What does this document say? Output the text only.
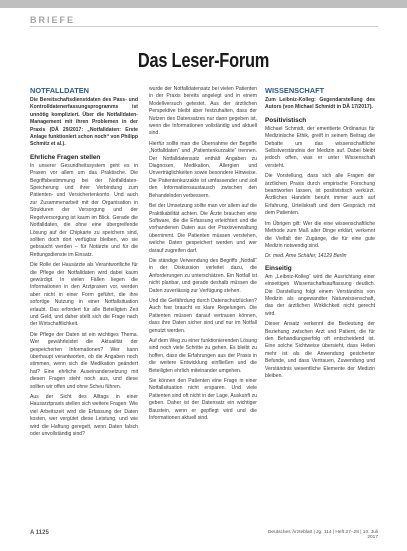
BRIEFE
Das Leser-Forum
NOTFALLDATEN

Die Bereitschaftsdienstdaten des Pass- und Kontrolldatenerfassungsprogramms ist unnötig kompliziert. Über die Notfalldaten-Management mit ihren Problemen in der Praxis (DÄ 29/2017: „Notfalldaten: Erste Anlage funktioniert schon noch“ von Philipp Schmitz et al.).

Ehrliche Fragen stellen

In unserer Gesundheitssystem geht es in Praxen vor allem um das Praktische. Die Begriffsbestimmung bei der Notfalldaten-Speicherung und ihrer Verbindung zum Patienten- und Versichertenkonto. Und auch zur Zusammenarbeit mit der Organisation in Strukturen der Versorgung und der Regelversorgung ist kaum im Blick. Gerade die Notfalldaten, die ohne eine übergreifende Lösung auf der Chipkarte zu speichern sind, sollten doch dort verfügbar bleiben, wo sie gebraucht werden – für Notärzte und für die Rettungsdienste im Einsatz.

Die Rolle der Hausärzte als Verantwortliche für die Pflege der Notfalldaten wird dabei kaum gewürdigt. In vielen Fällen liegen die Informationen in den Arztpraxen vor, werden aber nicht in einer Form geführt, die ihre sofortige Nutzung in einer Notfallsituation erlaubt. Das erfordert für alle Beteiligten Zeit und Geld, und daher stellt sich die Frage nach der Wirtschaftlichkeit.

Die Pflege der Daten ist ein wichtiges Thema. Wer gewährleistet die Aktualität der gespeicherten Informationen? Wer kann überhaupt verantworten, ob die Angaben noch stimmen, wenn sich die Medikation geändert hat? Eine ehrliche Auseinandersetzung mit diesen Fragen steht noch aus, und diese sollten wir offen und ohne Scheu führen.

Aus der Sicht des Alltags in einer Hausarztpraxis stellen sich weitere Fragen: Wie viel Arbeitszeit wird die Erfassung der Daten kosten, wer vergütet diese Leistung, und wie wird die Haftung geregelt, wenn Daten falsch oder unvollständig sind?

wurde der Notfalldatensatz bei vielen Patienten in der Praxis bereits angelegt und in einem Modellversuch getestet. Aus der ärztlichen Perspektive bleibt aber festzuhalten, dass der Nutzen des Datensatzes nur dann gegeben ist, wenn die Informationen vollständig und aktuell sind.

Hierfür sollte man die Übernahme der Begriffe „Notfalldaten“ und „Patientenkurzakte“ trennen. Der Notfalldatensatz enthält Angaben zu Diagnosen, Medikation, Allergien und Unverträglichkeiten sowie besondere Hinweise. Die Patientenkurzakte ist umfassender und soll den Informationsaustausch zwischen den Behandelnden verbessern.

Bei der Umsetzung sollte man vor allem auf die Praktikabilität achten. Die Ärzte brauchen eine Software, die die Erfassung erleichtert und die vorhandenen Daten aus der Praxisverwaltung übernimmt. Die Patienten müssen verstehen, welche Daten gespeichert werden und wer darauf zugreifen darf.

Die ständige Verwendung des Begriffs „Notfall“ in der Diskussion verleitet dazu, die Anforderungen zu unterschätzen. Ein Notfall ist nicht planbar, und gerade deshalb müssen die Daten zuverlässig zur Verfügung stehen.

Und die Gefährdung durch Datenschutzlücken? Auch hier braucht es klare Regelungen. Die Patienten müssen darauf vertrauen können, dass ihre Daten sicher sind und nur im Notfall genutzt werden.

Auf dem Weg zu einer funktionierenden Lösung sind noch viele Schritte zu gehen. Es bleibt zu hoffen, dass die Erfahrungen aus der Praxis in die weitere Entwicklung einfließen und die Beteiligten ehrlich miteinander umgehen.

Sie können den Patienten eine Frage in einer Notfallsituation nicht ersparen. Und viele Patienten sind oft nicht in der Lage, Auskunft zu geben. Daher ist der Datensatz ein wichtiger Baustein, wenn er gepflegt wird und die Informationen aktuell sind.

WISSENSCHAFT

Zum Leibniz-Kolleg: Gegendarstellung des Autors (von Michael Schmidt in DÄ 17/2017).

Positivistisch

Michael Schmidt, der emeritierte Ordinarius für Medizinische Ethik, greift in seinem Beitrag die Debatte um das wissenschaftliche Selbstverständnis der Medizin auf. Dabei bleibt jedoch offen, was er unter Wissenschaft versteht.

Die Vorstellung, dass sich alle Fragen der ärztlichen Praxis durch empirische Forschung beantworten lassen, ist positivistisch verkürzt. Ärztliches Handeln beruht immer auch auf Erfahrung, Urteilskraft und dem Gespräch mit dem Patienten.

Im Übrigen gilt: Wer die eine wissenschaftliche Methode zum Maß aller Dinge erklärt, verkennt die Vielfalt der Zugänge, die für eine gute Medizin notwendig sind.

Dr. med. Arne Schäfer, 14129 Berlin

Einseitig

Am „Leibniz-Kolleg“ wird die Ausrichtung einer einseitigen Wissenschaftsauffassung deutlich. Die Darstellung folgt einem Verständnis von Medizin als angewandter Naturwissenschaft, das der ärztlichen Wirklichkeit nicht gerecht wird.

Dieser Ansatz verkennt die Bedeutung der Beziehung zwischen Arzt und Patient, die für den Behandlungserfolg oft entscheidend ist. Eine solche Sichtweise übersieht, dass Heilen mehr ist als die Anwendung gesicherter Befunde, und dass Vertrauen, Zuwendung und Verständnis wesentliche Elemente der Medizin bleiben.

A 1125	Deutsches Ärzteblatt | Jg. 114 | Heft 27–28 | 10. Juli 2017
